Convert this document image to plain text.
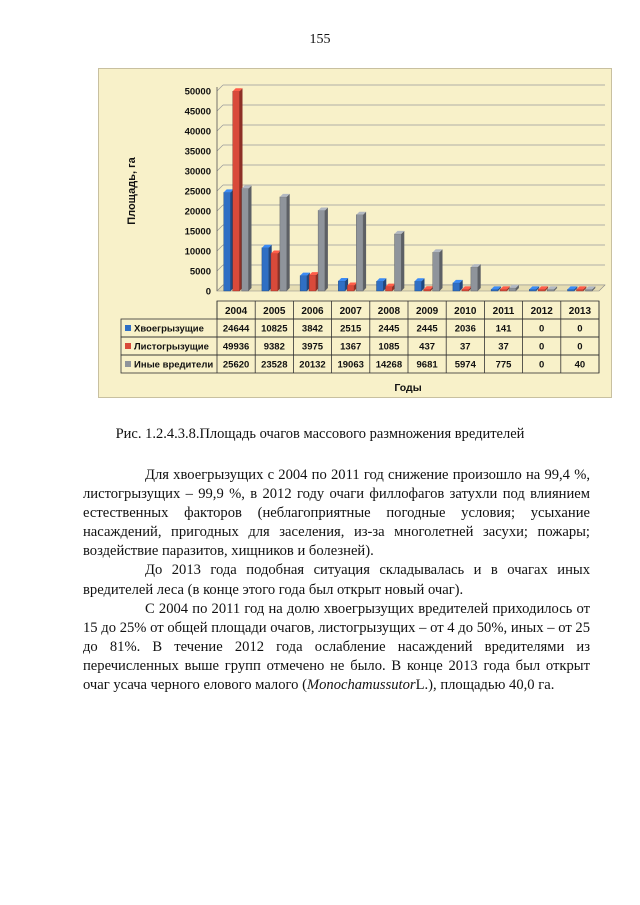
155
0
5000
10000
15000
20000
25000
30000
35000
40000
45000
50000
Площадь, га
2004 2005 2006 2007 2008 2009 2010 2011 2012 2013
Хвоегрызущие 24644 10825 3842 2515 2445 2445 2036 141	0	0
Листогрызущие 49936 9382 3975 1367 1085 437	37	37	0	0
Иные вредители 25620 23528 20132 19063 14268 9681 5974 775	0	40
Годы
Рис. 1.2.4.3.8.Площадь очагов массового размножения вредителей

Для хвоегрызущих с 2004 по 2011 год снижение произошло на 99,4 %, листогрызущих – 99,9 %, в 2012 году очаги филлофагов затухли под влиянием естественных факторов (неблагоприятные погодные условия; усыхание насаждений, пригодных для заселения, из-за многолетней засухи; пожары; воздействие паразитов, хищников и болезней).

До 2013 года подобная ситуация складывалась и в очагах иных вредителей леса (в конце этого года был открыт новый очаг).

С 2004 по 2011 год на долю хвоегрызущих вредителей приходилось от 15 до 25% от общей площади очагов, листогрызущих – от 4 до 50%, иных – от 25 до 81%. В течение 2012 года ослабление насаждений вредителями из перечисленных выше групп отмечено не было. В конце 2013 года был открыт очаг усача черного елового малого (MonochamussutorL.), площадью 40,0 га.
